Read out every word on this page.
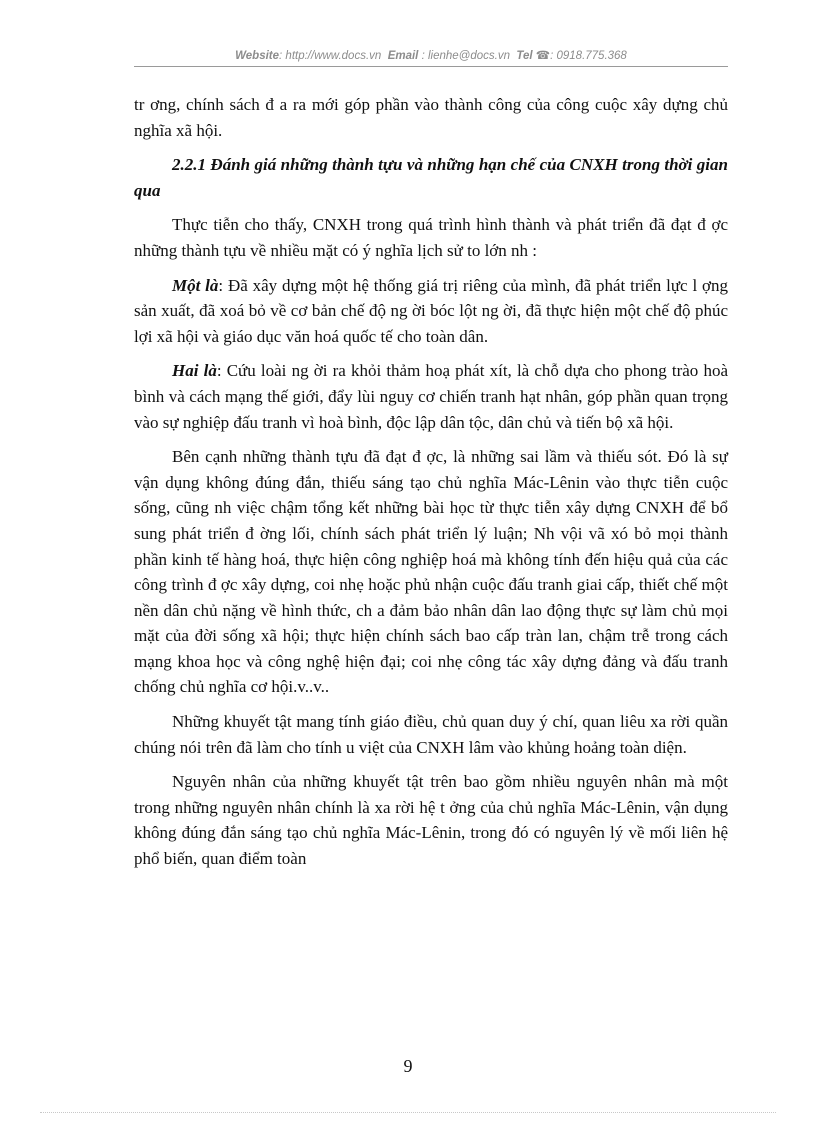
Website: http://www.docs.vn Email : lienhe@docs.vn Tel ☎: 0918.775.368

tr ơng, chính sách đ a ra mới góp phần vào thành công của công cuộc xây dựng chủ nghĩa xã hội.

2.2.1 Đánh giá những thành tựu và những hạn chế của CNXH trong thời gian qua

Thực tiễn cho thấy, CNXH trong quá trình hình thành và phát triển đã đạt đ ợc những thành tựu về nhiều mặt có ý nghĩa lịch sử to lớn nh :

Một là: Đã xây dựng một hệ thống giá trị riêng của mình, đã phát triển lực l ợng sản xuất, đã xoá bỏ về cơ bản chế độ ng ời bóc lột ng ời, đã thực hiện một chế độ phúc lợi xã hội và giáo dục văn hoá quốc tế cho toàn dân.

Hai là: Cứu loài ng ời ra khỏi thảm hoạ phát xít, là chỗ dựa cho phong trào hoà bình và cách mạng thế giới, đẩy lùi nguy cơ chiến tranh hạt nhân, góp phần quan trọng vào sự nghiệp đấu tranh vì hoà bình, độc lập dân tộc, dân chủ và tiến bộ xã hội.

Bên cạnh những thành tựu đã đạt đ ợc, là những sai lầm và thiếu sót. Đó là sự vận dụng không đúng đắn, thiếu sáng tạo chủ nghĩa Mác-Lênin vào thực tiễn cuộc sống, cũng nh việc chậm tổng kết những bài học từ thực tiễn xây dựng CNXH để bổ sung phát triển đ ờng lối, chính sách phát triển lý luận; Nh vội vã xó bỏ mọi thành phần kinh tế hàng hoá, thực hiện công nghiệp hoá mà không tính đến hiệu quả của các công trình đ ợc xây dựng, coi nhẹ hoặc phủ nhận cuộc đấu tranh giai cấp, thiết chế một nền dân chủ nặng về hình thức, ch a đảm bảo nhân dân lao động thực sự làm chủ mọi mặt của đời sống xã hội; thực hiện chính sách bao cấp tràn lan, chậm trễ trong cách mạng khoa học và công nghệ hiện đại; coi nhẹ công tác xây dựng đảng và đấu tranh chống chủ nghĩa cơ hội.v..v..

Những khuyết tật mang tính giáo điều, chủ quan duy ý chí, quan liêu xa rời quần chúng nói trên đã làm cho tính u việt của CNXH lâm vào khủng hoảng toàn diện.

Nguyên nhân của những khuyết tật trên bao gồm nhiều nguyên nhân mà một trong những nguyên nhân chính là xa rời hệ t ởng của chủ nghĩa Mác-Lênin, vận dụng không đúng đắn sáng tạo chủ nghĩa Mác-Lênin, trong đó có nguyên lý về mối liên hệ phổ biến, quan điểm toàn

9
